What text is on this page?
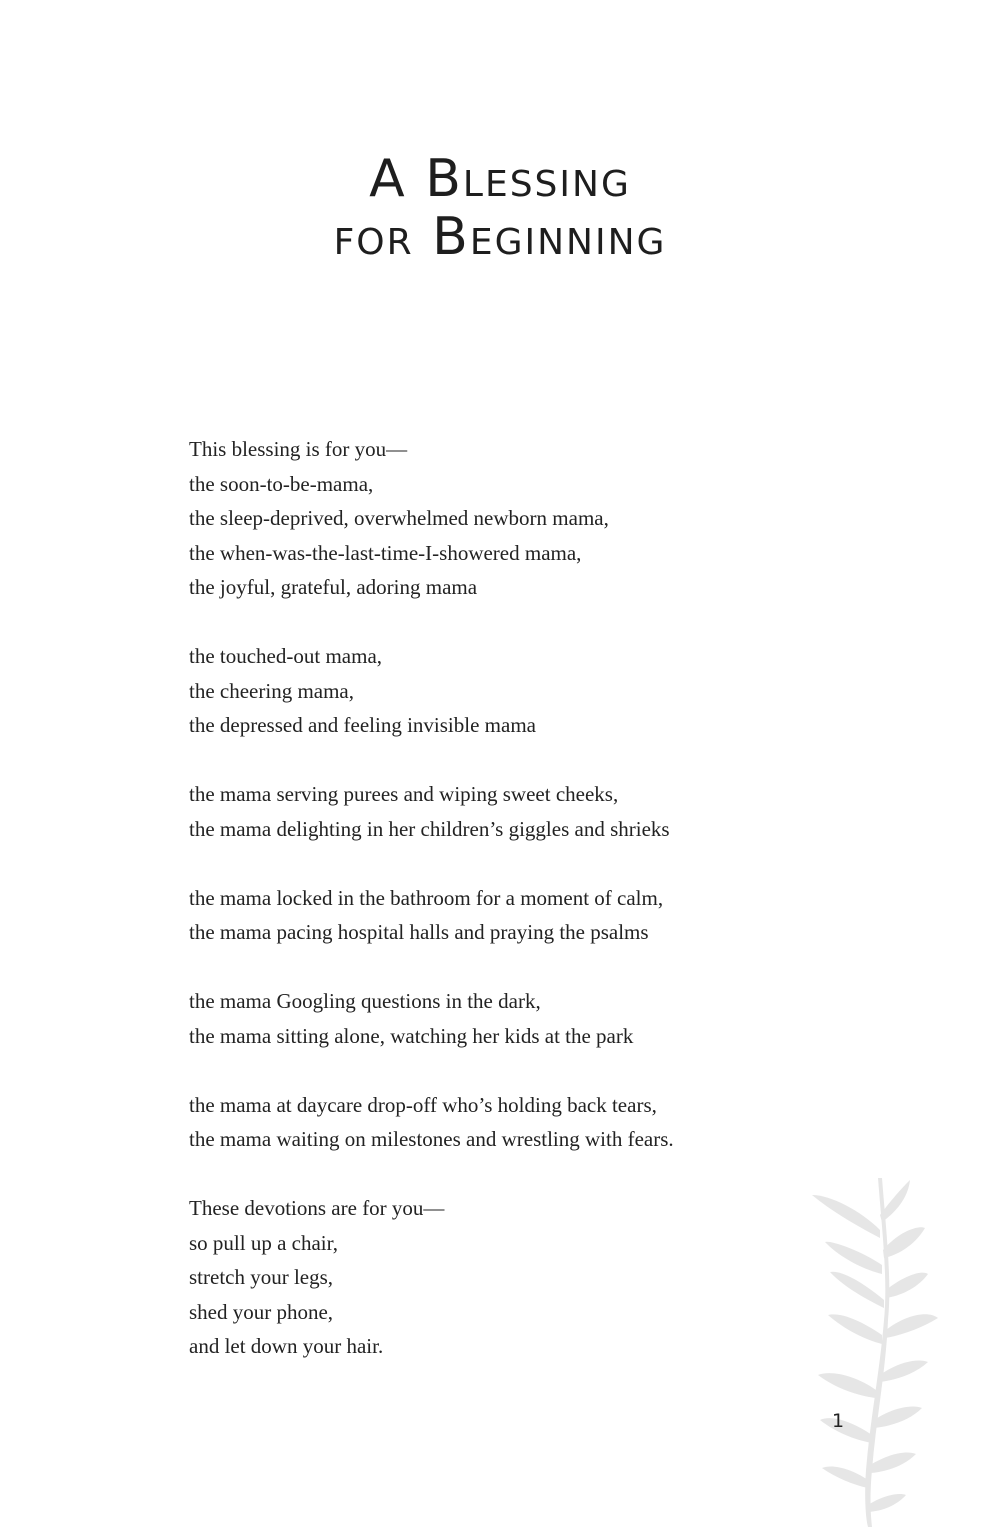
A Blessing
for Beginning
This blessing is for you—
the soon-to-be-mama,
the sleep-deprived, overwhelmed newborn mama,
the when-was-the-last-time-I-showered mama,
the joyful, grateful, adoring mama
the touched-out mama,
the cheering mama,
the depressed and feeling invisible mama
the mama serving purees and wiping sweet cheeks,
the mama delighting in her children’s giggles and shrieks
the mama locked in the bathroom for a moment of calm,
the mama pacing hospital halls and praying the psalms
the mama Googling questions in the dark,
the mama sitting alone, watching her kids at the park
the mama at daycare drop-off who’s holding back tears,
the mama waiting on milestones and wrestling with fears.
These devotions are for you—
so pull up a chair,
stretch your legs,
shed your phone,
and let down your hair.
1
